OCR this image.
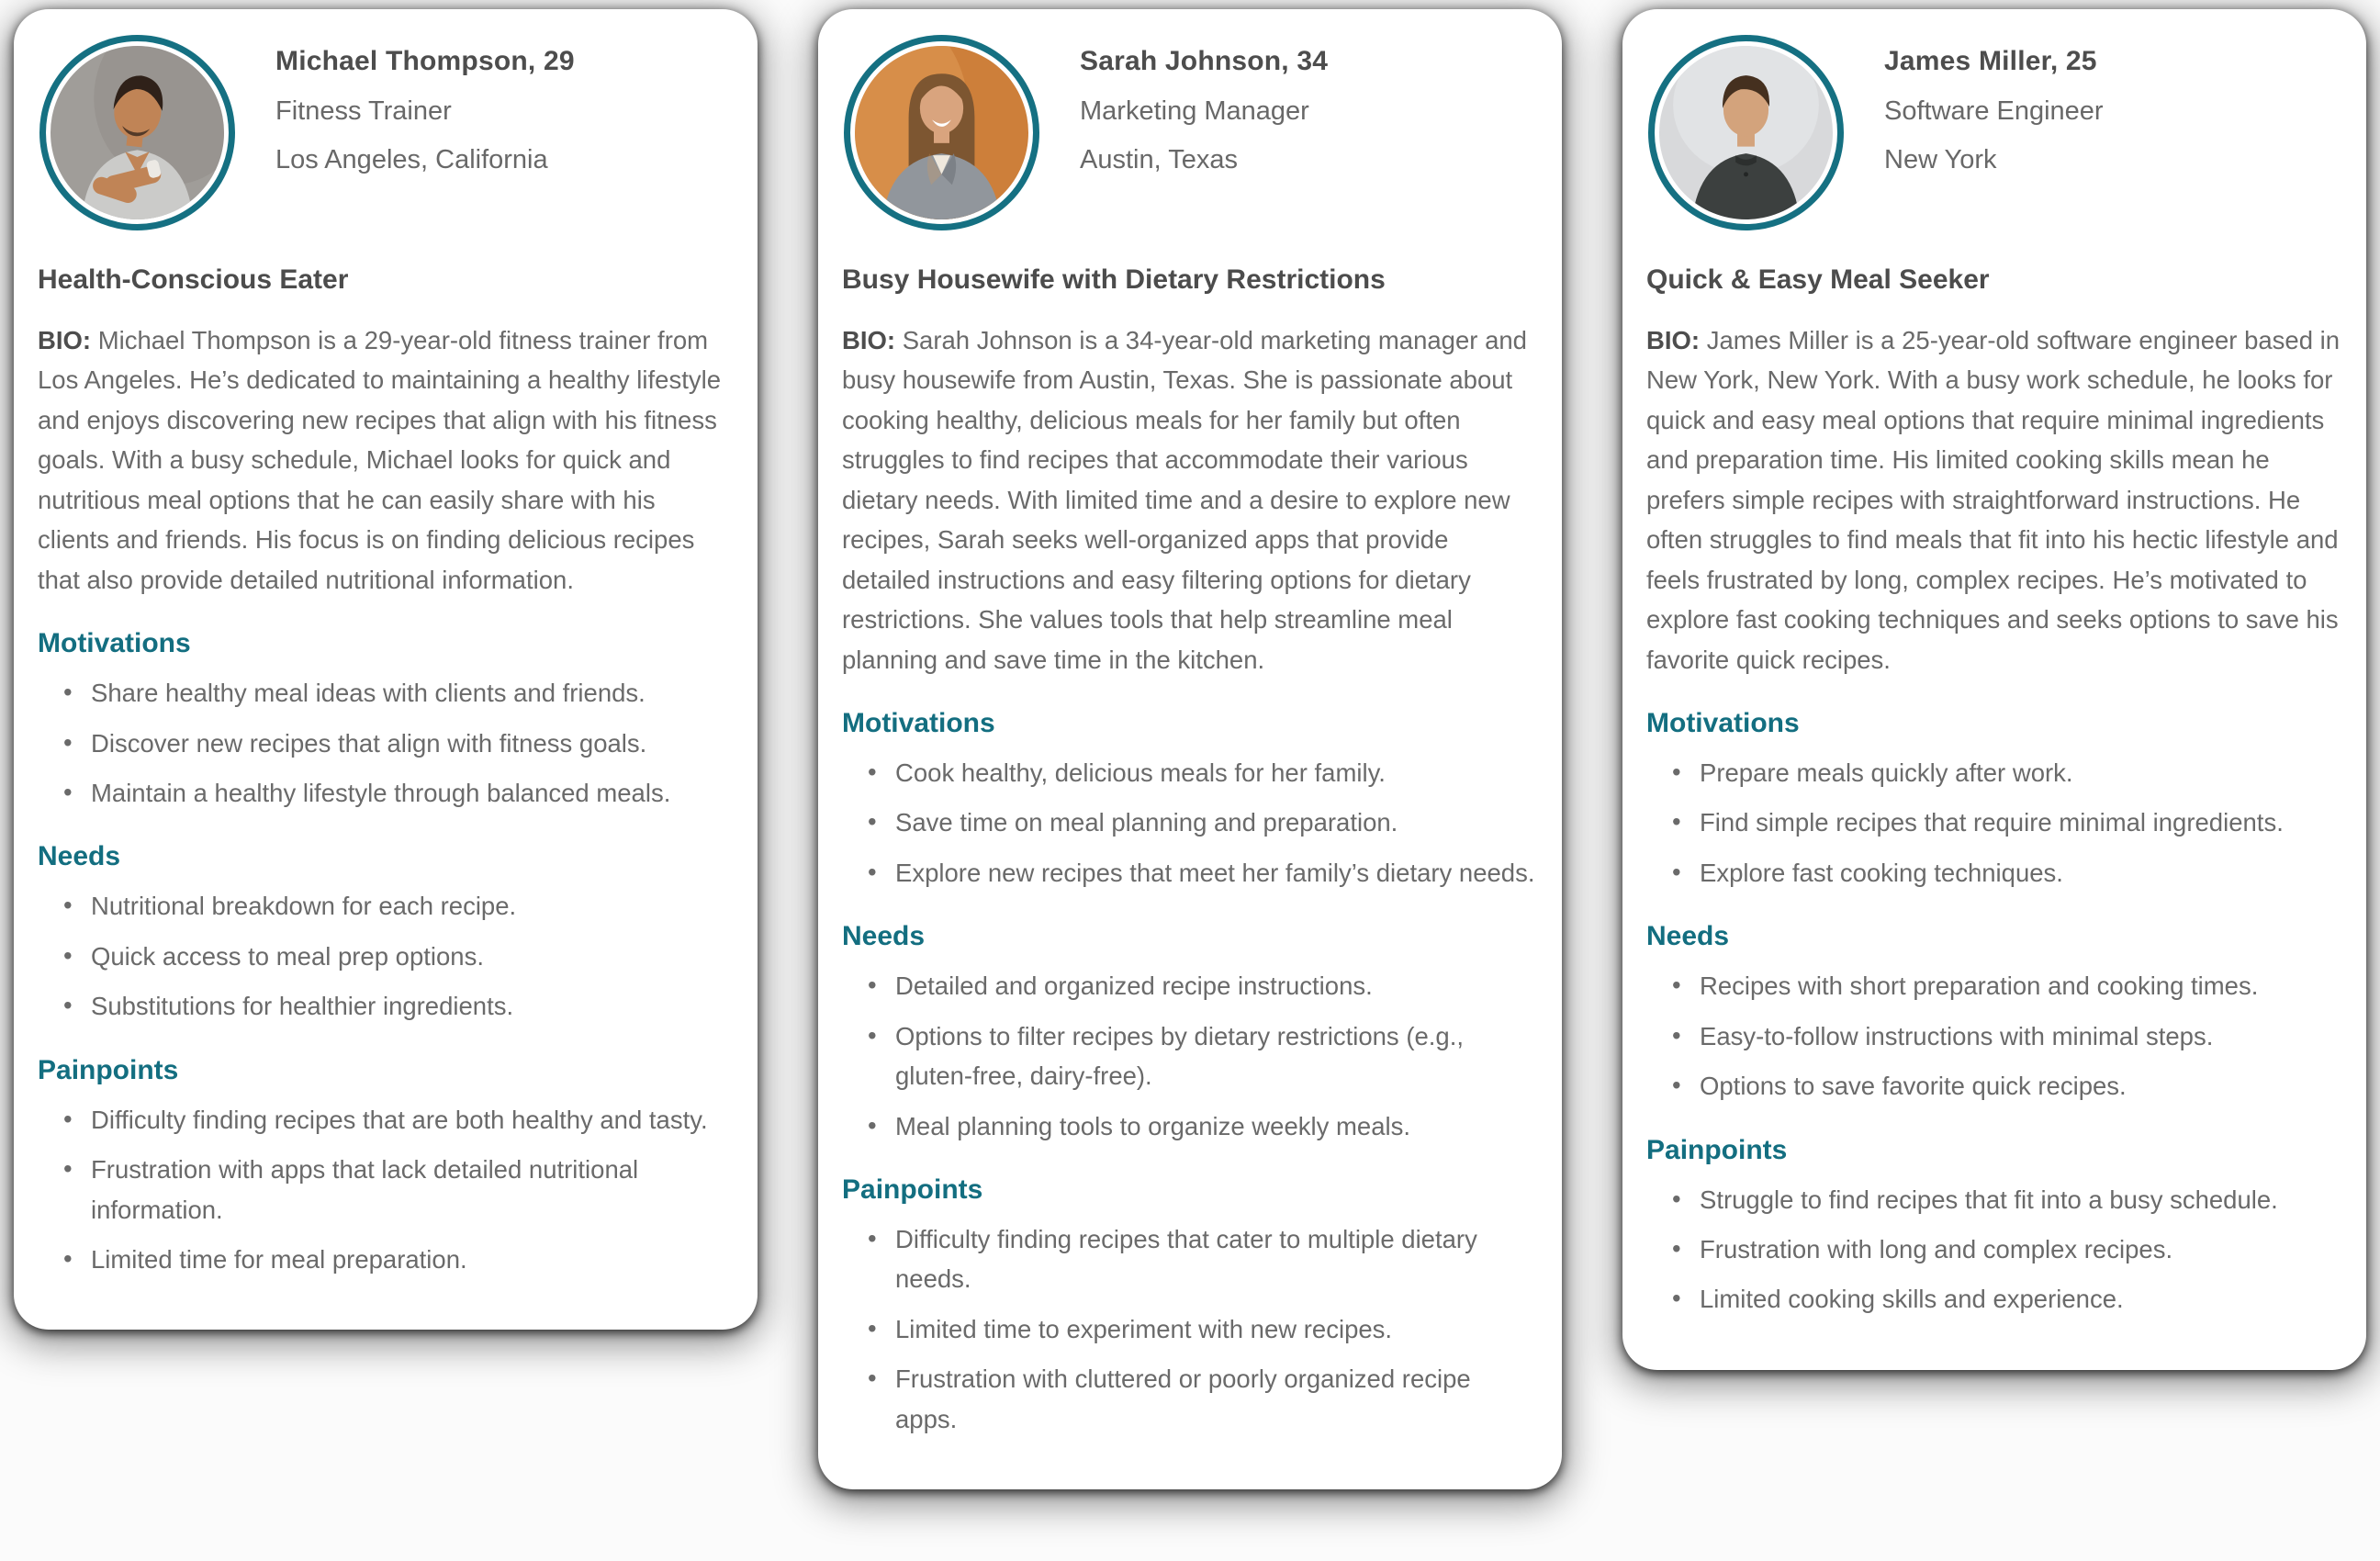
Michael Thompson, 29
Fitness Trainer
Los Angeles, California
Health-Conscious Eater

BIO: Michael Thompson is a 29-year-old fitness trainer from Los Angeles. He’s dedicated to maintaining a healthy lifestyle and enjoys discovering new recipes that align with his fitness goals. With a busy schedule, Michael looks for quick and nutritious meal options that he can easily share with his clients and friends. His focus is on finding delicious recipes that also provide detailed nutritional information.

Motivations
• Share healthy meal ideas with clients and friends.
• Discover new recipes that align with fitness goals.
• Maintain a healthy lifestyle through balanced meals.
Needs
• Nutritional breakdown for each recipe.
• Quick access to meal prep options.
• Substitutions for healthier ingredients.
Painpoints
• Difficulty finding recipes that are both healthy and tasty.
• Frustration with apps that lack detailed nutritional information.
• Limited time for meal preparation.
Sarah Johnson, 34
Marketing Manager
Austin, Texas
Busy Housewife with Dietary Restrictions

BIO: Sarah Johnson is a 34-year-old marketing manager and busy housewife from Austin, Texas. She is passionate about cooking healthy, delicious meals for her family but often struggles to find recipes that accommodate their various dietary needs. With limited time and a desire to explore new recipes, Sarah seeks well-organized apps that provide detailed instructions and easy filtering options for dietary restrictions. She values tools that help streamline meal planning and save time in the kitchen.

Motivations
• Cook healthy, delicious meals for her family.
• Save time on meal planning and preparation.
• Explore new recipes that meet her family’s dietary needs.
Needs
• Detailed and organized recipe instructions.
• Options to filter recipes by dietary restrictions (e.g., gluten-free, dairy-free).
• Meal planning tools to organize weekly meals.
Painpoints
• Difficulty finding recipes that cater to multiple dietary needs.
• Limited time to experiment with new recipes.
• Frustration with cluttered or poorly organized recipe apps.
James Miller, 25
Software Engineer
New York
Quick & Easy Meal Seeker

BIO: James Miller is a 25-year-old software engineer based in New York, New York. With a busy work schedule, he looks for quick and easy meal options that require minimal ingredients and preparation time. His limited cooking skills mean he prefers simple recipes with straightforward instructions. He often struggles to find meals that fit into his hectic lifestyle and feels frustrated by long, complex recipes. He’s motivated to explore fast cooking techniques and seeks options to save his favorite quick recipes.

Motivations
• Prepare meals quickly after work.
• Find simple recipes that require minimal ingredients.
• Explore fast cooking techniques.
Needs
• Recipes with short preparation and cooking times.
• Easy-to-follow instructions with minimal steps.
• Options to save favorite quick recipes.
Painpoints
• Struggle to find recipes that fit into a busy schedule.
• Frustration with long and complex recipes.
• Limited cooking skills and experience.
